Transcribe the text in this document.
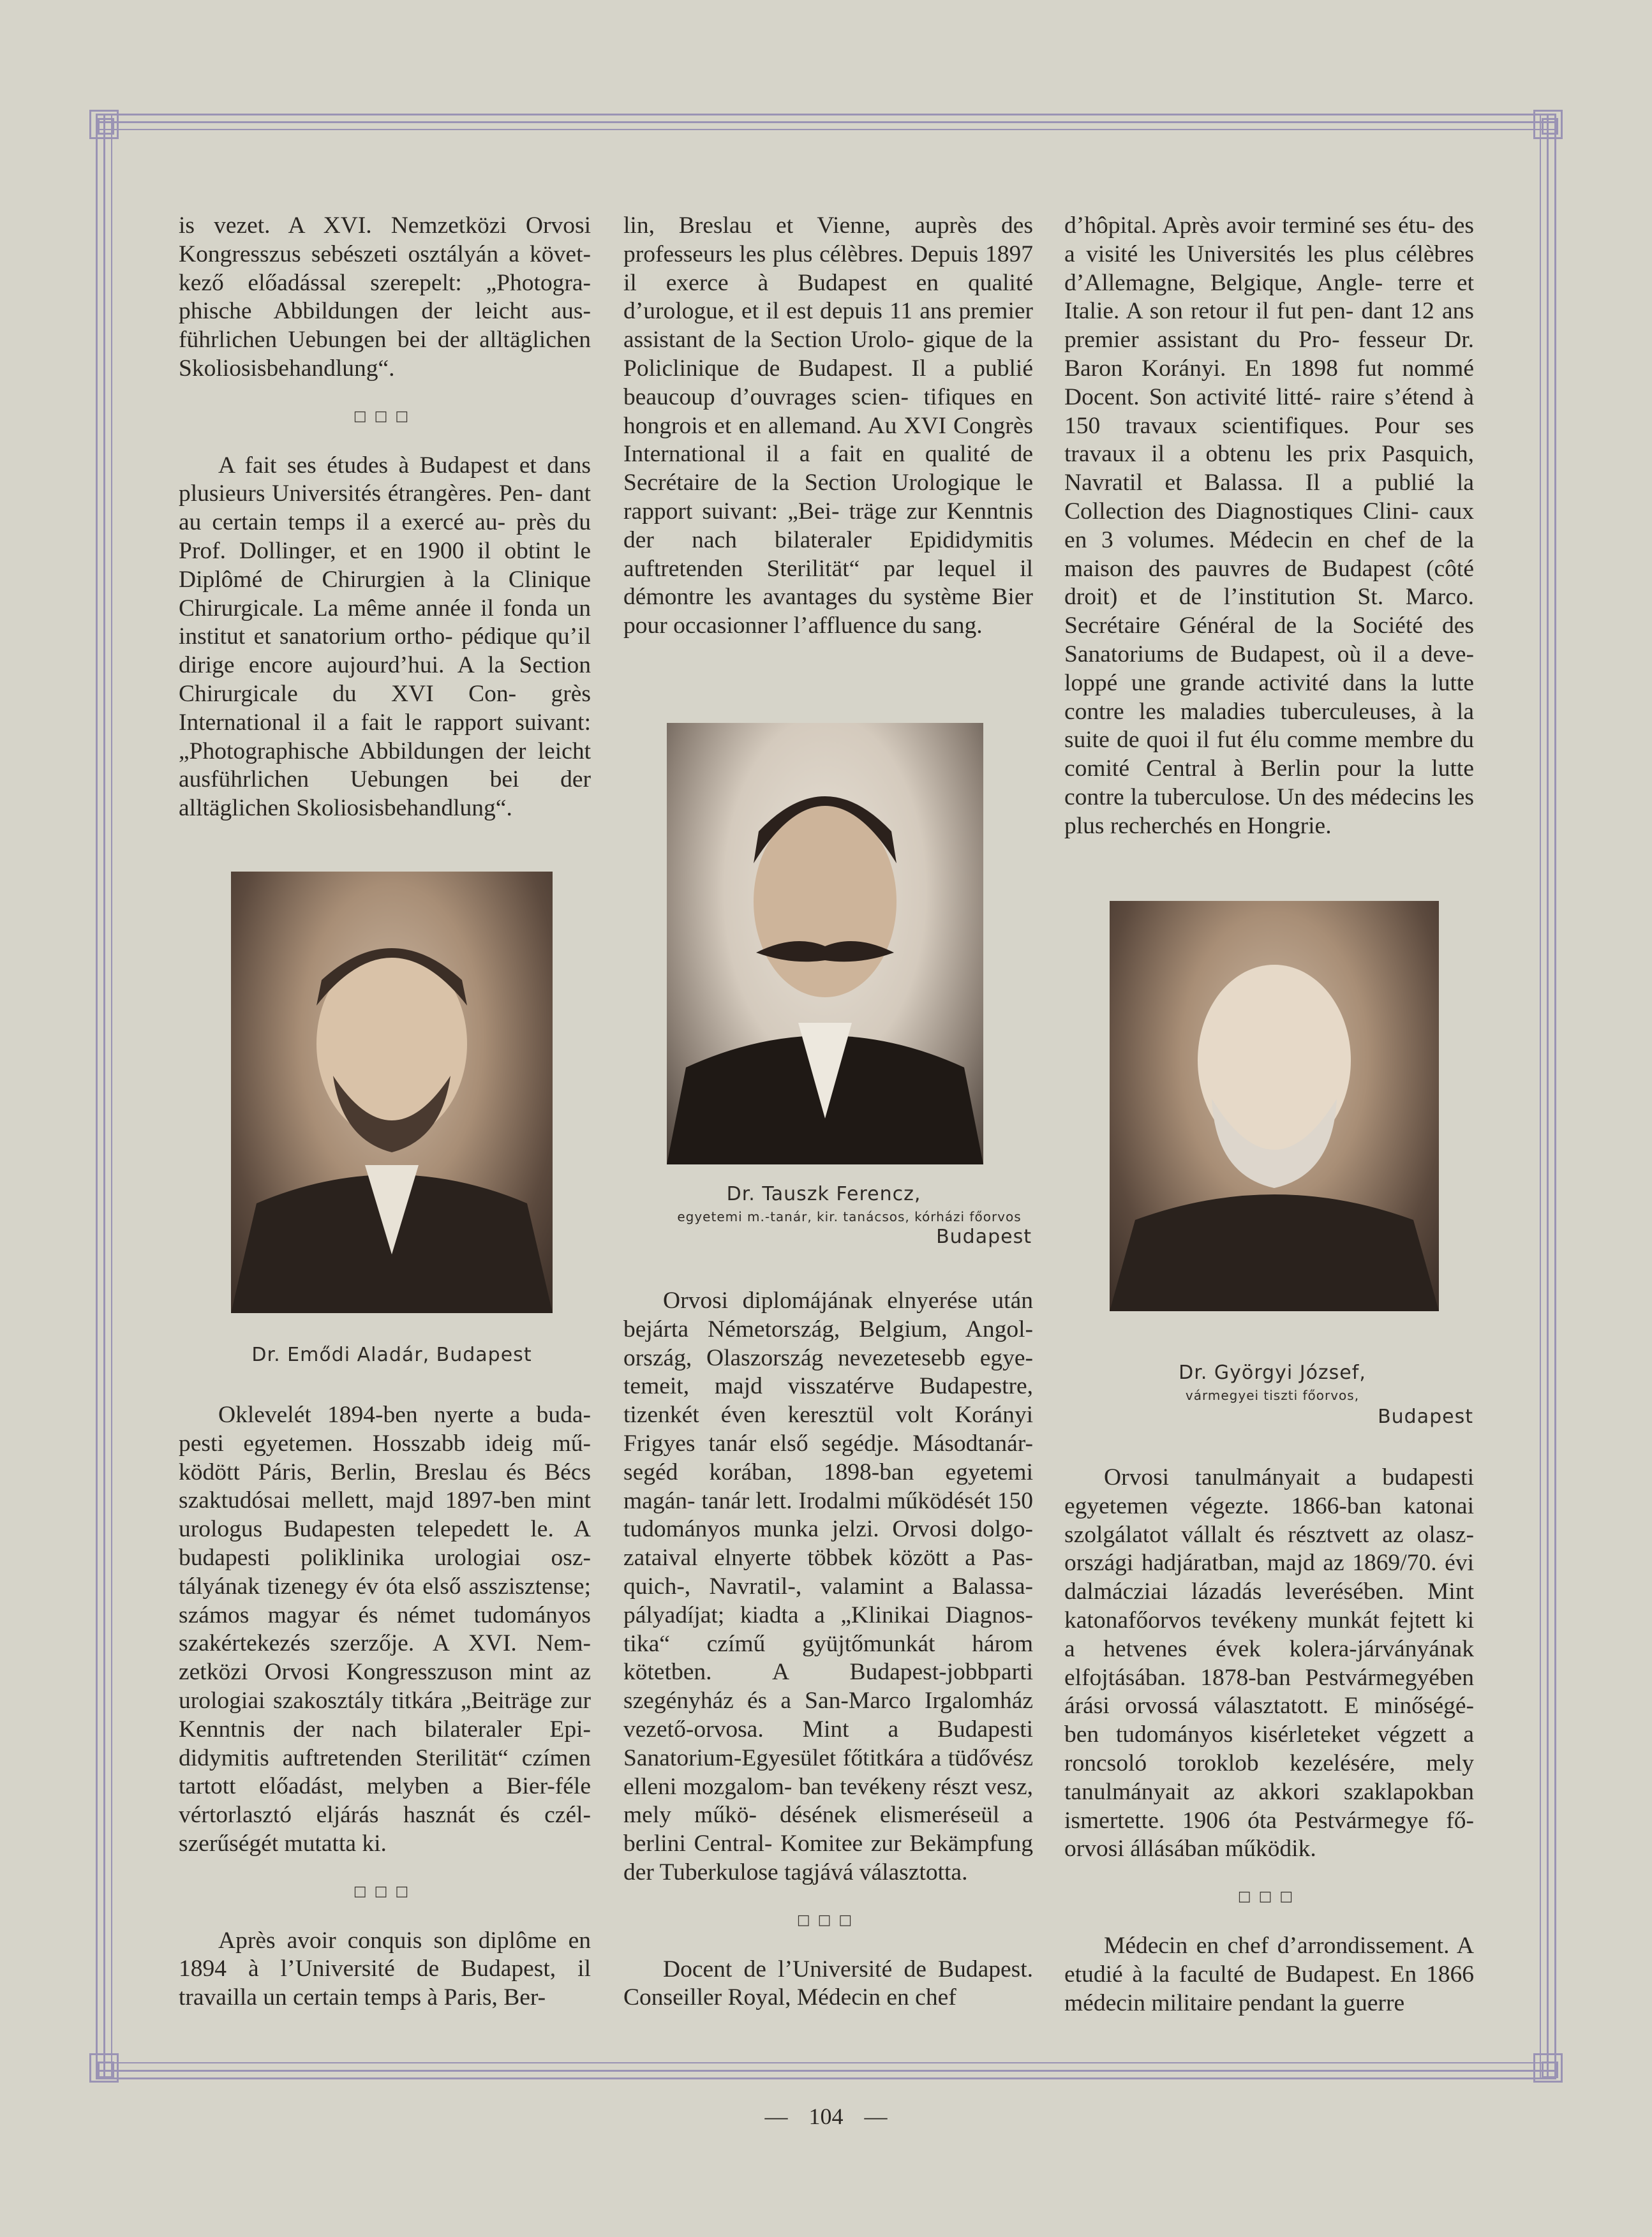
is vezet. A XVI. Nemzetközi Orvosi Kongresszus sebészeti osztályán a követ- kező előadással szerepelt: „Photogra- phische Abbildungen der leicht aus- führlichen Uebungen bei der alltäglichen Skoliosisbehandlung“.

□□□

A fait ses études à Budapest et dans plusieurs Universités étrangères. Pen- dant au certain temps il a exercé au- près du Prof. Dollinger, et en 1900 il obtint le Diplômé de Chirurgien à la Clinique Chirurgicale. La même année il fonda un institut et sanatorium ortho- pédique qu’il dirige encore aujourd’hui. A la Section Chirurgicale du XVI Con- grès International il a fait le rapport suivant: „Photographische Abbildungen der leicht ausführlichen Uebungen bei der alltäglichen Skoliosisbehandlung“.

Dr. Emődi Aladár, Budapest

Oklevelét 1894-ben nyerte a buda- pesti egyetemen. Hosszabb ideig mű- ködött Páris, Berlin, Breslau és Bécs szaktudósai mellett, majd 1897-ben mint urologus Budapesten telepedett le. A budapesti poliklinika urologiai osz- tályának tizenegy év óta első asszisztense; számos magyar és német tudományos szakértekezés szerzője. A XVI. Nem- zetközi Orvosi Kongresszuson mint az urologiai szakosztály titkára „Beiträge zur Kenntnis der nach bilateraler Epi- didymitis auftretenden Sterilität“ czímen tartott előadást, melyben a Bier-féle vértorlasztó eljárás hasznát és czél- szerűségét mutatta ki.

□□□

Après avoir conquis son diplôme en 1894 à l’Université de Budapest, il travailla un certain temps à Paris, Ber-

lin, Breslau et Vienne, auprès des professeurs les plus célèbres. Depuis 1897 il exerce à Budapest en qualité d’urologue, et il est depuis 11 ans premier assistant de la Section Urolo- gique de la Policlinique de Budapest. Il a publié beaucoup d’ouvrages scien- tifiques en hongrois et en allemand. Au XVI Congrès International il a fait en qualité de Secrétaire de la Section Urologique le rapport suivant: „Bei- träge zur Kenntnis der nach bilateraler Epididymitis auftretenden Sterilität“ par lequel il démontre les avantages du système Bier pour occasionner l’affluence du sang.

Dr. Tauszk Ferencz,
egyetemi m.-tanár, kir. tanácsos, kórházi főorvos
Budapest

Orvosi diplomájának elnyerése után bejárta Németország, Belgium, Angol- ország, Olaszország nevezetesebb egye- temeit, majd visszatérve Budapestre, tizenkét éven keresztül volt Korányi Frigyes tanár első segédje. Másodtanár- segéd korában, 1898-ban egyetemi magán- tanár lett. Irodalmi működését 150 tudományos munka jelzi. Orvosi dolgo- zataival elnyerte többek között a Pas- quich-, Navratil-, valamint a Balassa- pályadíjat; kiadta a „Klinikai Diagnos- tika“ czímű gyüjtőmunkát három kötetben. A Budapest-jobbparti szegényház és a San-Marco Irgalomház vezető-orvosa. Mint a Budapesti Sanatorium-Egyesület főtitkára a tüdővész elleni mozgalom- ban tevékeny részt vesz, mely műkö- désének elismeréseül a berlini Central- Komitee zur Bekämpfung der Tuberkulose tagjává választotta.

□□□

Docent de l’Université de Budapest. Conseiller Royal, Médecin en chef

d’hôpital. Après avoir terminé ses étu- des a visité les Universités les plus célèbres d’Allemagne, Belgique, Angle- terre et Italie. A son retour il fut pen- dant 12 ans premier assistant du Pro- fesseur Dr. Baron Korányi. En 1898 fut nommé Docent. Son activité litté- raire s’étend à 150 travaux scientifiques. Pour ses travaux il a obtenu les prix Pasquich, Navratil et Balassa. Il a publié la Collection des Diagnostiques Clini- caux en 3 volumes. Médecin en chef de la maison des pauvres de Budapest (côté droit) et de l’institution St. Marco. Secrétaire Général de la Société des Sanatoriums de Budapest, où il a deve- loppé une grande activité dans la lutte contre les maladies tuberculeuses, à la suite de quoi il fut élu comme membre du comité Central à Berlin pour la lutte contre la tuberculose. Un des médecins les plus recherchés en Hongrie.

Dr. Györgyi József,
vármegyei tiszti főorvos,
Budapest

Orvosi tanulmányait a budapesti egyetemen végezte. 1866-ban katonai szolgálatot vállalt és résztvett az olasz- országi hadjáratban, majd az 1869/70. évi dalmácziai lázadás leverésében. Mint katonafőorvos tevékeny munkát fejtett ki a hetvenes évek kolera-járványának elfojtásában. 1878-ban Pestvármegyében árási orvossá választatott. E minőségé- ben tudományos kisérleteket végzett a roncsoló toroklob kezelésére, mely tanulmányait az akkori szaklapokban ismertette. 1906 óta Pestvármegye fő- orvosi állásában működik.

□□□

Médecin en chef d’arrondissement. A etudié à la faculté de Budapest. En 1866 médecin militaire pendant la guerre

— 104 —
